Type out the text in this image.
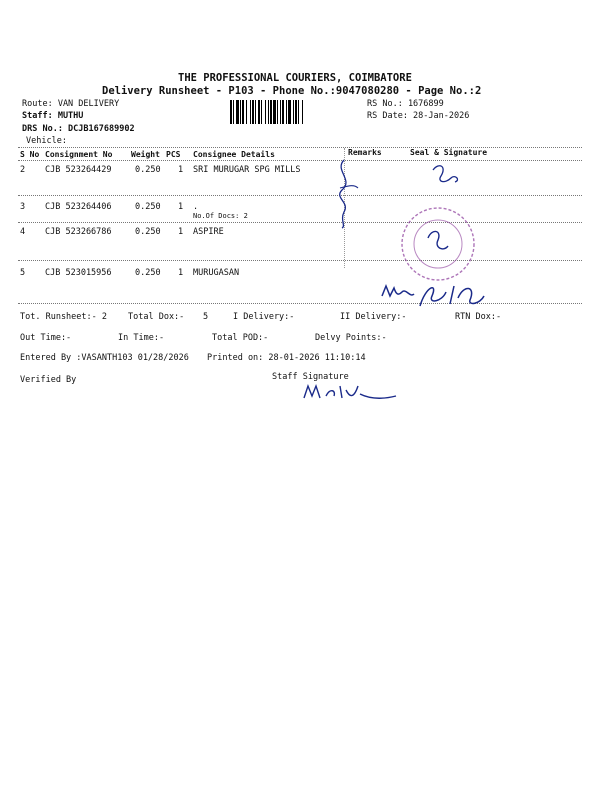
THE PROFESSIONAL COURIERS, COIMBATORE
Delivery Runsheet - P103 - Phone No.:9047080280 - Page No.:2
Route: VAN DELIVERY
Staff: MUTHU
DRS No.: DCJB167689902
Vehicle:
RS No.: 1676899
RS Date: 28-Jan-2026
S No Consignment No Weight PCS Consignee Details	Remarks	Seal & Signature
2 CJB 523264429	0.250 1 SRI MURUGAR SPG MILLS
3 CJB 523264406	0.250 1 .
No.Of Docs: 2
4 CJB 523266786	0.250 1 ASPIRE
5 CJB 523015956	0.250 1 MURUGASAN
Tot. Runsheet:- 2 Total Dox:- 5	I Delivery:-	II Delivery:-	RTN Dox:-
Out Time:-	In Time:-	Total POD:-	Delvy Points:-
Entered By :VASANTH103 01/28/2026 Printed on: 28-01-2026 11:10:14
Verified By	Staff Signature
